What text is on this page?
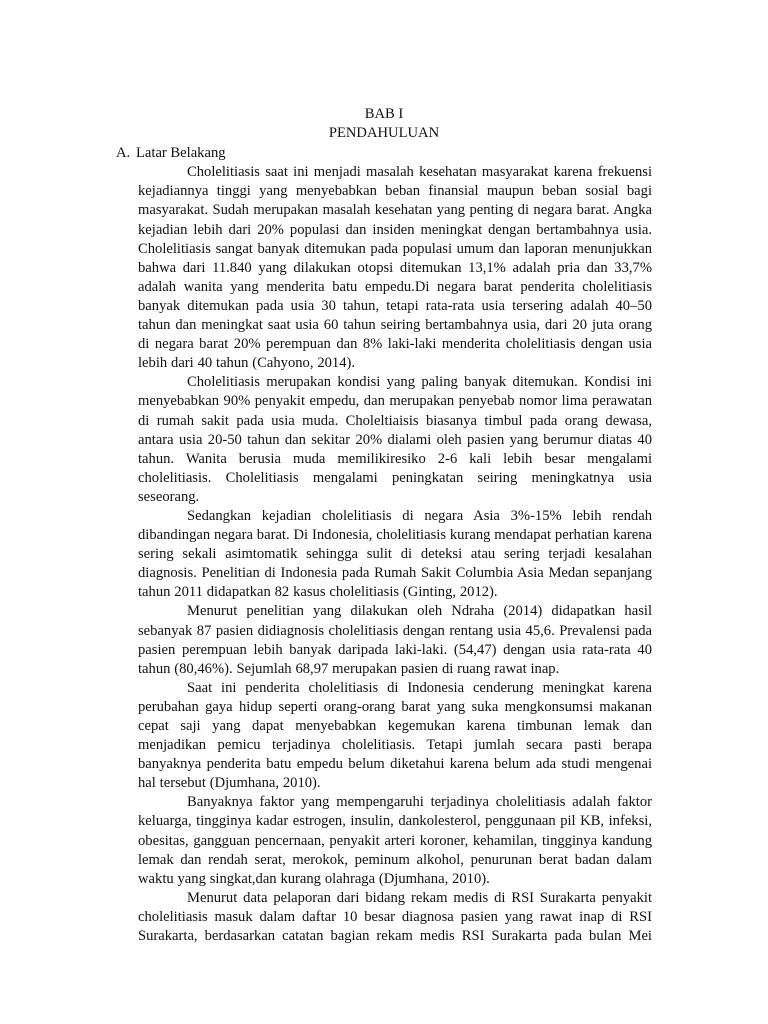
BAB I
PENDAHULUAN
A. Latar Belakang

Cholelitiasis saat ini menjadi masalah kesehatan masyarakat karena frekuensi kejadiannya tinggi yang menyebabkan beban finansial maupun beban sosial bagi masyarakat. Sudah merupakan masalah kesehatan yang penting di negara barat. Angka kejadian lebih dari 20% populasi dan insiden meningkat dengan bertambahnya usia. Cholelitiasis sangat banyak ditemukan pada populasi umum dan laporan menunjukkan bahwa dari 11.840 yang dilakukan otopsi ditemukan 13,1% adalah pria dan 33,7% adalah wanita yang menderita batu empedu.Di negara barat penderita cholelitiasis banyak ditemukan pada usia 30 tahun, tetapi rata-rata usia tersering adalah 40–50 tahun dan meningkat saat usia 60 tahun seiring bertambahnya usia, dari 20 juta orang di negara barat 20% perempuan dan 8% laki-laki menderita cholelitiasis dengan usia lebih dari 40 tahun (Cahyono, 2014).

Cholelitiasis merupakan kondisi yang paling banyak ditemukan. Kondisi ini menyebabkan 90% penyakit empedu, dan merupakan penyebab nomor lima perawatan di rumah sakit pada usia muda. Choleltiaisis biasanya timbul pada orang dewasa, antara usia 20-50 tahun dan sekitar 20% dialami oleh pasien yang berumur diatas 40 tahun. Wanita berusia muda memilikiresiko 2-6 kali lebih besar mengalami cholelitiasis. Cholelitiasis mengalami peningkatan seiring meningkatnya usia seseorang.

Sedangkan kejadian cholelitiasis di negara Asia 3%-15% lebih rendah dibandingan negara barat. Di Indonesia, cholelitiasis kurang mendapat perhatian karena sering sekali asimtomatik sehingga sulit di deteksi atau sering terjadi kesalahan diagnosis. Penelitian di Indonesia pada Rumah Sakit Columbia Asia Medan sepanjang tahun 2011 didapatkan 82 kasus cholelitiasis (Ginting, 2012).

Menurut penelitian yang dilakukan oleh Ndraha (2014) didapatkan hasil sebanyak 87 pasien didiagnosis cholelitiasis dengan rentang usia 45,6. Prevalensi pada pasien perempuan lebih banyak daripada laki-laki. (54,47) dengan usia rata-rata 40 tahun (80,46%). Sejumlah 68,97 merupakan pasien di ruang rawat inap.

Saat ini penderita cholelitiasis di Indonesia cenderung meningkat karena perubahan gaya hidup seperti orang-orang barat yang suka mengkonsumsi makanan cepat saji yang dapat menyebabkan kegemukan karena timbunan lemak dan menjadikan pemicu terjadinya cholelitiasis. Tetapi jumlah secara pasti berapa banyaknya penderita batu empedu belum diketahui karena belum ada studi mengenai hal tersebut (Djumhana, 2010).

Banyaknya faktor yang mempengaruhi terjadinya cholelitiasis adalah faktor keluarga, tingginya kadar estrogen, insulin, dankolesterol, penggunaan pil KB, infeksi, obesitas, gangguan pencernaan, penyakit arteri koroner, kehamilan, tingginya kandung lemak dan rendah serat, merokok, peminum alkohol, penurunan berat badan dalam waktu yang singkat,dan kurang olahraga (Djumhana, 2010).

Menurut data pelaporan dari bidang rekam medis di RSI Surakarta penyakit cholelitiasis masuk dalam daftar 10 besar diagnosa pasien yang rawat inap di RSI Surakarta, berdasarkan catatan bagian rekam medis RSI Surakarta pada bulan Mei
